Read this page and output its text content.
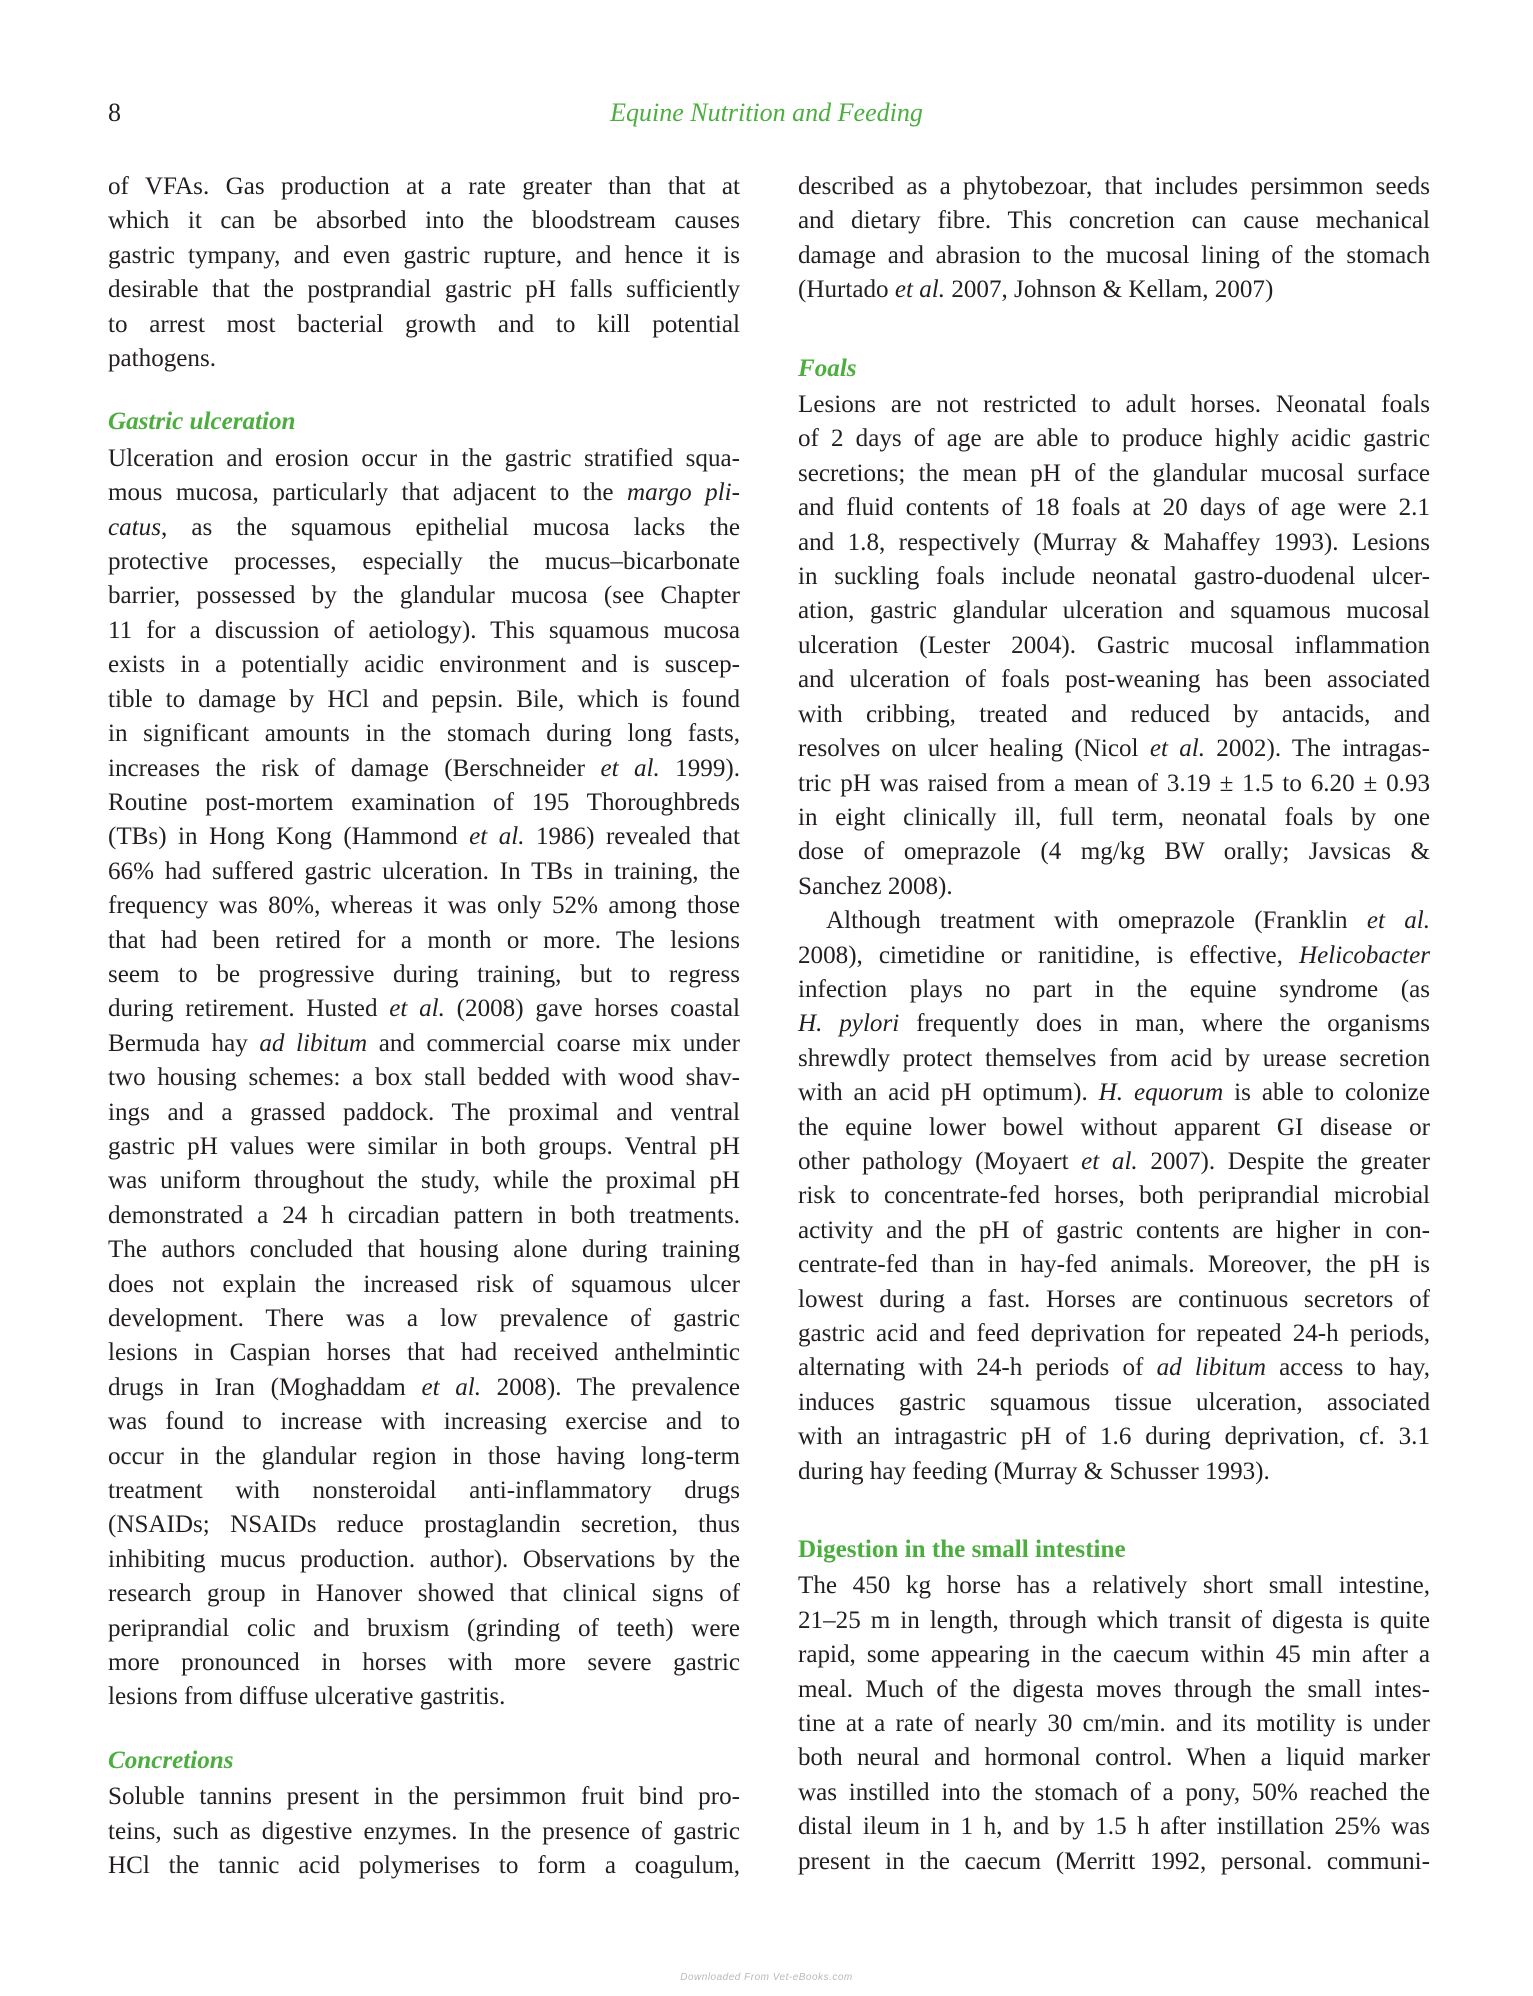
8	Equine Nutrition and Feeding

of VFAs. Gas production at a rate greater than that at
which it can be absorbed into the bloodstream causes
gastric tympany, and even gastric rupture, and hence it is
desirable that the postprandial gastric pH falls sufficiently
to arrest most bacterial growth and to kill potential
pathogens.

Gastric ulceration

Ulceration and erosion occur in the gastric stratified squa-
mous mucosa, particularly that adjacent to the margo pli-
catus, as the squamous epithelial mucosa lacks the
protective processes, especially the mucus–bicarbonate
barrier, possessed by the glandular mucosa (see Chapter
11 for a discussion of aetiology). This squamous mucosa
exists in a potentially acidic environment and is suscep-
tible to damage by HCl and pepsin. Bile, which is found
in significant amounts in the stomach during long fasts,
increases the risk of damage (Berschneider et al. 1999).
Routine post-mortem examination of 195 Thoroughbreds
(TBs) in Hong Kong (Hammond et al. 1986) revealed that
66% had suffered gastric ulceration. In TBs in training, the
frequency was 80%, whereas it was only 52% among those
that had been retired for a month or more. The lesions
seem to be progressive during training, but to regress
during retirement. Husted et al. (2008) gave horses coastal
Bermuda hay ad libitum and commercial coarse mix under
two housing schemes: a box stall bedded with wood shav-
ings and a grassed paddock. The proximal and ventral
gastric pH values were similar in both groups. Ventral pH
was uniform throughout the study, while the proximal pH
demonstrated a 24 h circadian pattern in both treatments.
The authors concluded that housing alone during training
does not explain the increased risk of squamous ulcer
development. There was a low prevalence of gastric
lesions in Caspian horses that had received anthelmintic
drugs in Iran (Moghaddam et al. 2008). The prevalence
was found to increase with increasing exercise and to
occur in the glandular region in those having long-term
treatment with nonsteroidal anti-inflammatory drugs
(NSAIDs; NSAIDs reduce prostaglandin secretion, thus
inhibiting mucus production. author). Observations by the
research group in Hanover showed that clinical signs of
periprandial colic and bruxism (grinding of teeth) were
more pronounced in horses with more severe gastric
lesions from diffuse ulcerative gastritis.

Concretions

Soluble tannins present in the persimmon fruit bind pro-
teins, such as digestive enzymes. In the presence of gastric
HCl the tannic acid polymerises to form a coagulum,

described as a phytobezoar, that includes persimmon seeds
and dietary fibre. This concretion can cause mechanical
damage and abrasion to the mucosal lining of the stomach
(Hurtado et al. 2007, Johnson & Kellam, 2007)

Foals

Lesions are not restricted to adult horses. Neonatal foals
of 2 days of age are able to produce highly acidic gastric
secretions; the mean pH of the glandular mucosal surface
and fluid contents of 18 foals at 20 days of age were 2.1
and 1.8, respectively (Murray & Mahaffey 1993). Lesions
in suckling foals include neonatal gastro-duodenal ulcer-
ation, gastric glandular ulceration and squamous mucosal
ulceration (Lester 2004). Gastric mucosal inflammation
and ulceration of foals post-weaning has been associated
with cribbing, treated and reduced by antacids, and
resolves on ulcer healing (Nicol et al. 2002). The intragas-
tric pH was raised from a mean of 3.19 ± 1.5 to 6.20 ± 0.93
in eight clinically ill, full term, neonatal foals by one
dose of omeprazole (4 mg/kg BW orally; Javsicas &
Sanchez 2008).

Although treatment with omeprazole (Franklin et al.
2008), cimetidine or ranitidine, is effective, Helicobacter
infection plays no part in the equine syndrome (as
H. pylori frequently does in man, where the organisms
shrewdly protect themselves from acid by urease secretion
with an acid pH optimum). H. equorum is able to colonize
the equine lower bowel without apparent GI disease or
other pathology (Moyaert et al. 2007). Despite the greater
risk to concentrate-fed horses, both periprandial microbial
activity and the pH of gastric contents are higher in con-
centrate-fed than in hay-fed animals. Moreover, the pH is
lowest during a fast. Horses are continuous secretors of
gastric acid and feed deprivation for repeated 24-h periods,
alternating with 24-h periods of ad libitum access to hay,
induces gastric squamous tissue ulceration, associated
with an intragastric pH of 1.6 during deprivation, cf. 3.1
during hay feeding (Murray & Schusser 1993).

Digestion in the small intestine

The 450 kg horse has a relatively short small intestine,
21–25 m in length, through which transit of digesta is quite
rapid, some appearing in the caecum within 45 min after a
meal. Much of the digesta moves through the small intes-
tine at a rate of nearly 30 cm/min. and its motility is under
both neural and hormonal control. When a liquid marker
was instilled into the stomach of a pony, 50% reached the
distal ileum in 1 h, and by 1.5 h after instillation 25% was
present in the caecum (Merritt 1992, personal. communi-

Downloaded From Vet-eBooks.com
